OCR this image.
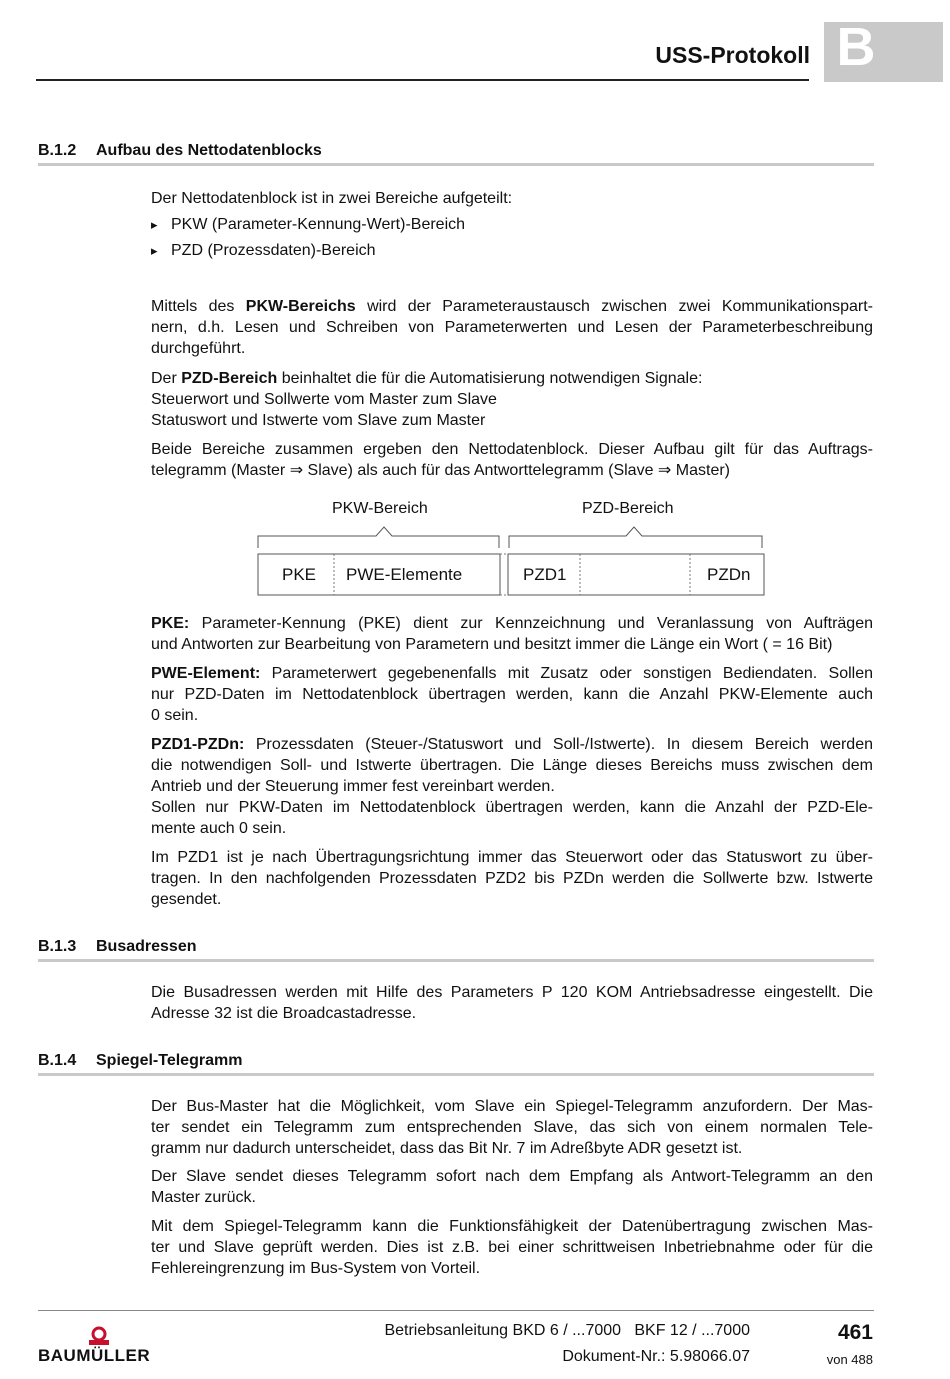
USS-Protokoll B
B.1.2 Aufbau des Nettodatenblocks
Der Nettodatenblock ist in zwei Bereiche aufgeteilt:
▸ PKW (Parameter-Kennung-Wert)-Bereich
▸ PZD (Prozessdaten)-Bereich
Mittels des PKW-Bereichs wird der Parameteraustausch zwischen zwei Kommunikationspart-
nern, d.h. Lesen und Schreiben von Parameterwerten und Lesen der Parameterbeschreibung
durchgeführt.
Der PZD-Bereich beinhaltet die für die Automatisierung notwendigen Signale:
Steuerwort und Sollwerte vom Master zum Slave
Statuswort und Istwerte vom Slave zum Master
Beide Bereiche zusammen ergeben den Nettodatenblock. Dieser Aufbau gilt für das Auftrags-
telegramm (Master ⇒ Slave) als auch für das Antworttelegramm (Slave ⇒ Master)
PKW-Bereich	PZD-Bereich
PKE PWE-Elemente	PZD1	PZDn
PKE: Parameter-Kennung (PKE) dient zur Kennzeichnung und Veranlassung von Aufträgen
und Antworten zur Bearbeitung von Parametern und besitzt immer die Länge ein Wort ( = 16 Bit)
PWE-Element: Parameterwert gegebenenfalls mit Zusatz oder sonstigen Bediendaten. Sollen
nur PZD-Daten im Nettodatenblock übertragen werden, kann die Anzahl PKW-Elemente auch
0 sein.
PZD1-PZDn: Prozessdaten (Steuer-/Statuswort und Soll-/Istwerte). In diesem Bereich werden
die notwendigen Soll- und Istwerte übertragen. Die Länge dieses Bereichs muss zwischen dem
Antrieb und der Steuerung immer fest vereinbart werden.
Sollen nur PKW-Daten im Nettodatenblock übertragen werden, kann die Anzahl der PZD-Ele-
mente auch 0 sein.
Im PZD1 ist je nach Übertragungsrichtung immer das Steuerwort oder das Statuswort zu über-
tragen. In den nachfolgenden Prozessdaten PZD2 bis PZDn werden die Sollwerte bzw. Istwerte
gesendet.
B.1.3 Busadressen
Die Busadressen werden mit Hilfe des Parameters P 120 KOM Antriebsadresse eingestellt. Die
Adresse 32 ist die Broadcastadresse.
B.1.4 Spiegel-Telegramm
Der Bus-Master hat die Möglichkeit, vom Slave ein Spiegel-Telegramm anzufordern. Der Mas-
ter sendet ein Telegramm zum entsprechenden Slave, das sich von einem normalen Tele-
gramm nur dadurch unterscheidet, dass das Bit Nr. 7 im Adreßbyte ADR gesetzt ist.
Der Slave sendet dieses Telegramm sofort nach dem Empfang als Antwort-Telegramm an den
Master zurück.
Mit dem Spiegel-Telegramm kann die Funktionsfähigkeit der Datenübertragung zwischen Mas-
ter und Slave geprüft werden. Dies ist z.B. bei einer schrittweisen Inbetriebnahme oder für die
Fehlereingrenzung im Bus-System von Vorteil.
BAUMÜLLER
Betriebsanleitung BKD 6 / ...7000   BKF 12 / ...7000
Dokument-Nr.: 5.98066.07
461
von 488
